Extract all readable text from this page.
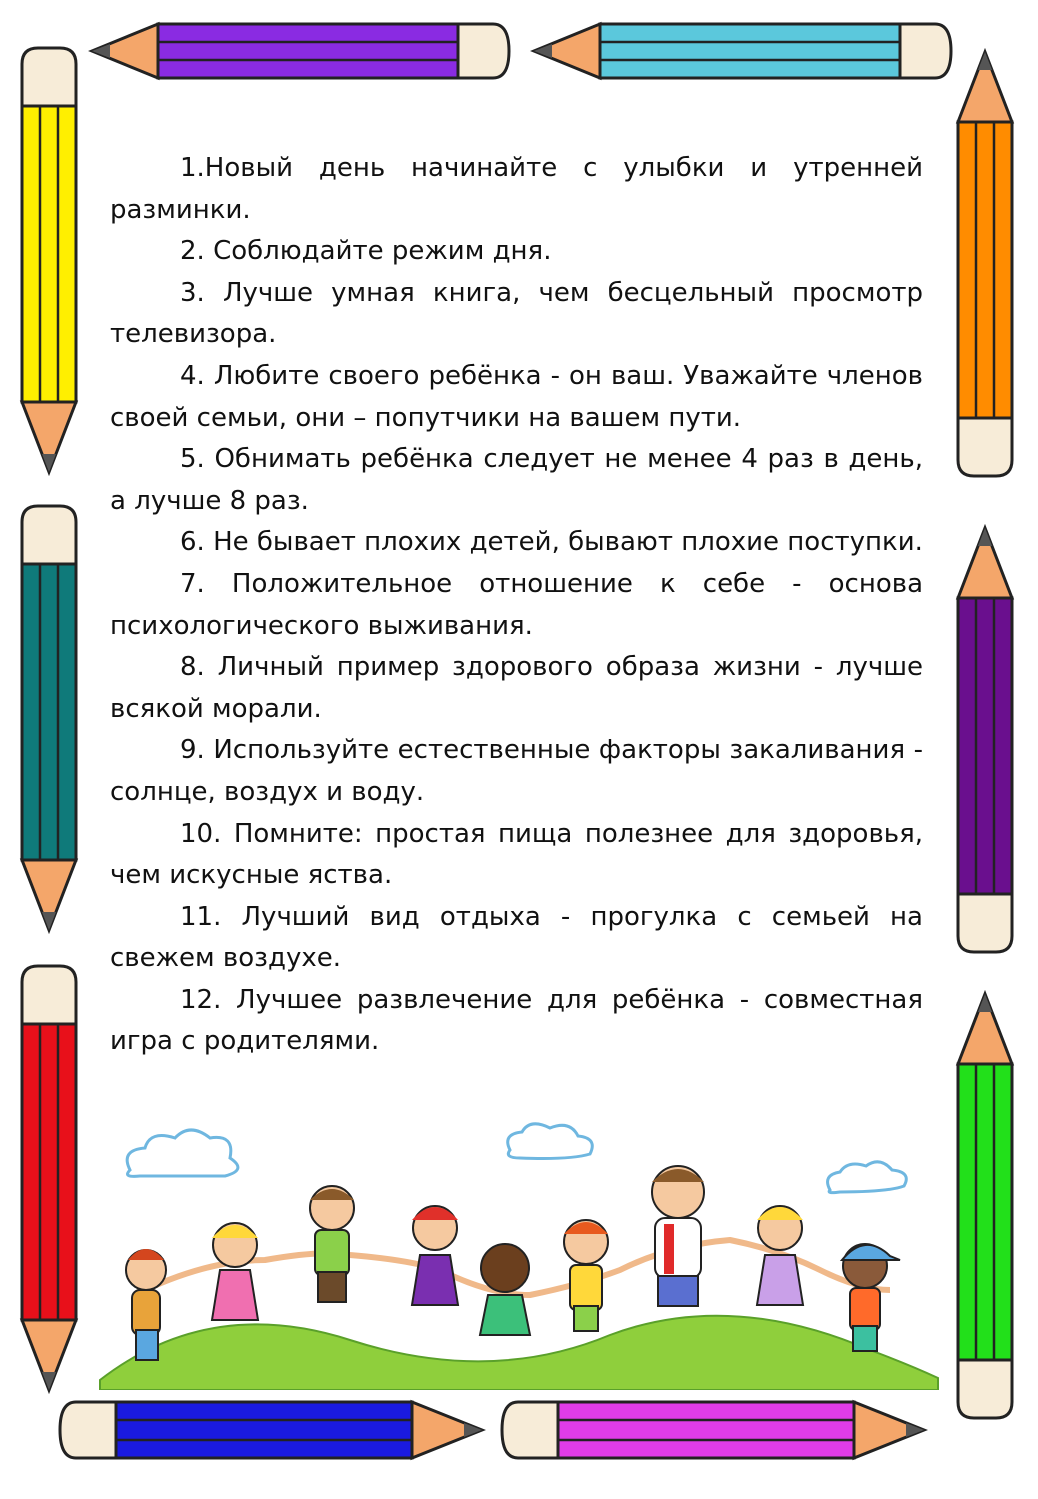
1.Новый день начинайте с улыбки и утренней разминки.

2. Соблюдайте режим дня.

3. Лучше умная книга, чем бесцельный просмотр телевизора.

4. Любите своего ребёнка - он ваш. Уважайте членов своей семьи, они – попутчики на вашем пути.

5. Обнимать ребёнка следует не менее 4 раз в день, а лучше 8 раз.

6. Не бывает плохих детей, бывают плохие поступки.

7. Положительное отношение к себе - основа психологического выживания.

8. Личный пример здорового образа жизни - лучше всякой морали.

9. Используйте естественные факторы закаливания - солнце, воздух и воду.

10. Помните: простая пища полезнее для здоровья, чем искусные яства.

11. Лучший вид отдыха - прогулка с семьей на свежем воздухе.

12. Лучшее развлечение для ребёнка - совместная игра с родителями.
